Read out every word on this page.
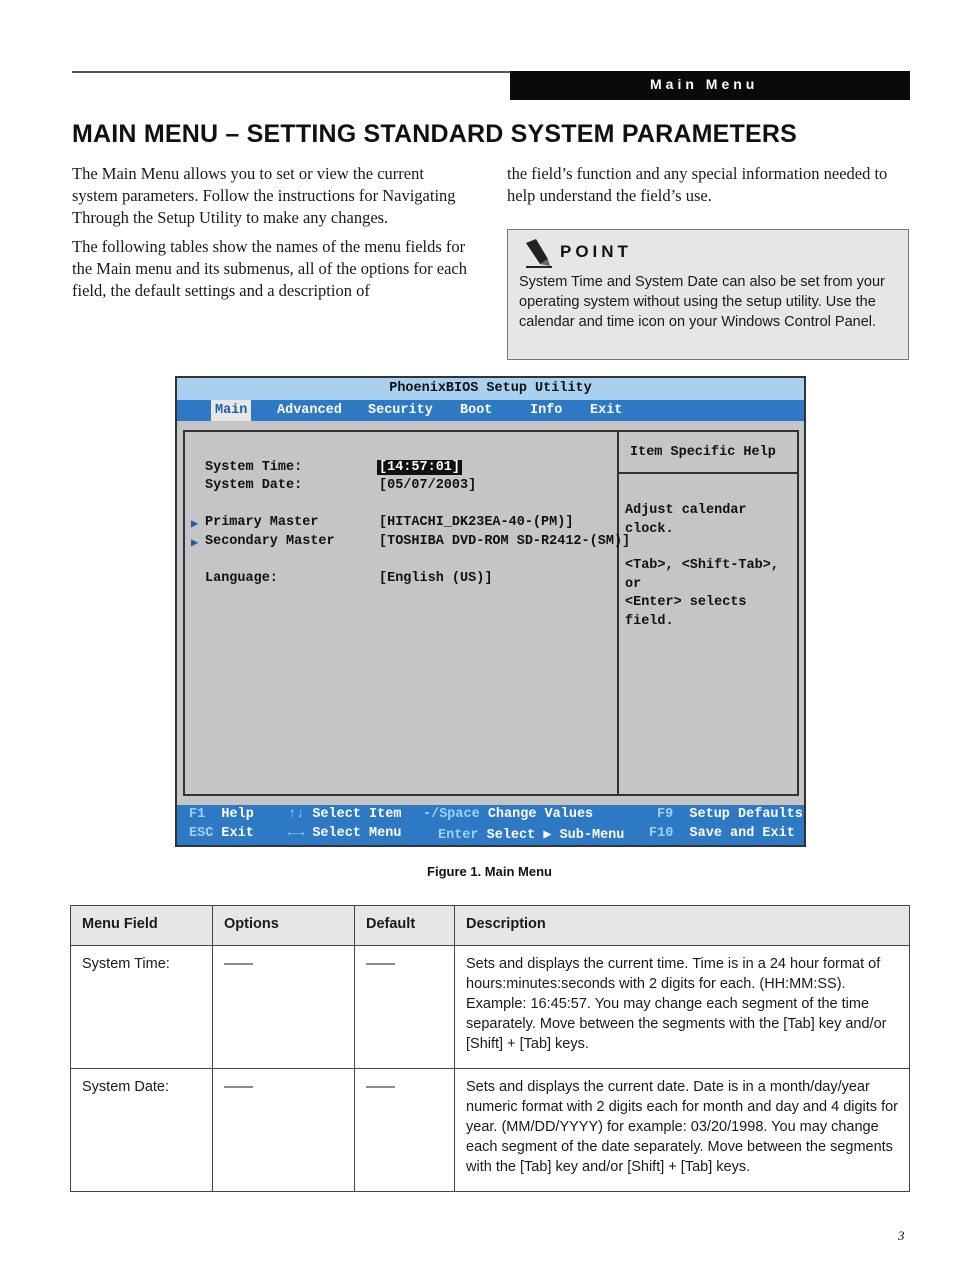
Main Menu
MAIN MENU – SETTING STANDARD SYSTEM PARAMETERS

The Main Menu allows you to set or view the current system parameters. Follow the instructions for Navigating Through the Setup Utility to make any changes.

The following tables show the names of the menu fields for the Main menu and its submenus, all of the options for each field, the default settings and a description of

the field’s function and any special information needed to help understand the field’s use.

POINT
System Time and System Date can also be set from your operating system without using the setup utility. Use the calendar and time icon on your Windows Control Panel.
PhoenixBIOS Setup Utility
Main Advanced Security Boot	Info Exit
System Time:	[14:57:01]
System Date:	[05/07/2003]
▶ Primary Master	[HITACHI_DK23EA-40-(PM)]
▶ Secondary Master	[TOSHIBA DVD-ROM SD-R2412-(SM)]
Language:	[English (US)]
Item Specific Help
Adjust calendar clock.
<Tab>, <Shift-Tab>, or
<Enter> selects field.
F1 Help	↑↓ Select Item -/Space Change Values	F9 Setup Defaults
ESC Exit	←→ Select Menu	Enter Select ▶ Sub-Menu F10 Save and Exit
Figure 1. Main Menu
Menu Field	Options	Default	Description
System Time:	——	——	Sets and displays the current time. Time is in a 24 hour format of hours:minutes:seconds with 2 digits for each. (HH:MM:SS). Example: 16:45:57. You may change each segment of the time separately. Move between the segments with the [Tab] key and/or [Shift] + [Tab] keys.
System Date:	——	——	Sets and displays the current date. Date is in a month/day/year numeric format with 2 digits each for month and day and 4 digits for year. (MM/DD/YYYY) for example: 03/20/1998. You may change each segment of the date separately. Move between the segments with the [Tab] key and/or [Shift] + [Tab] keys.
3
